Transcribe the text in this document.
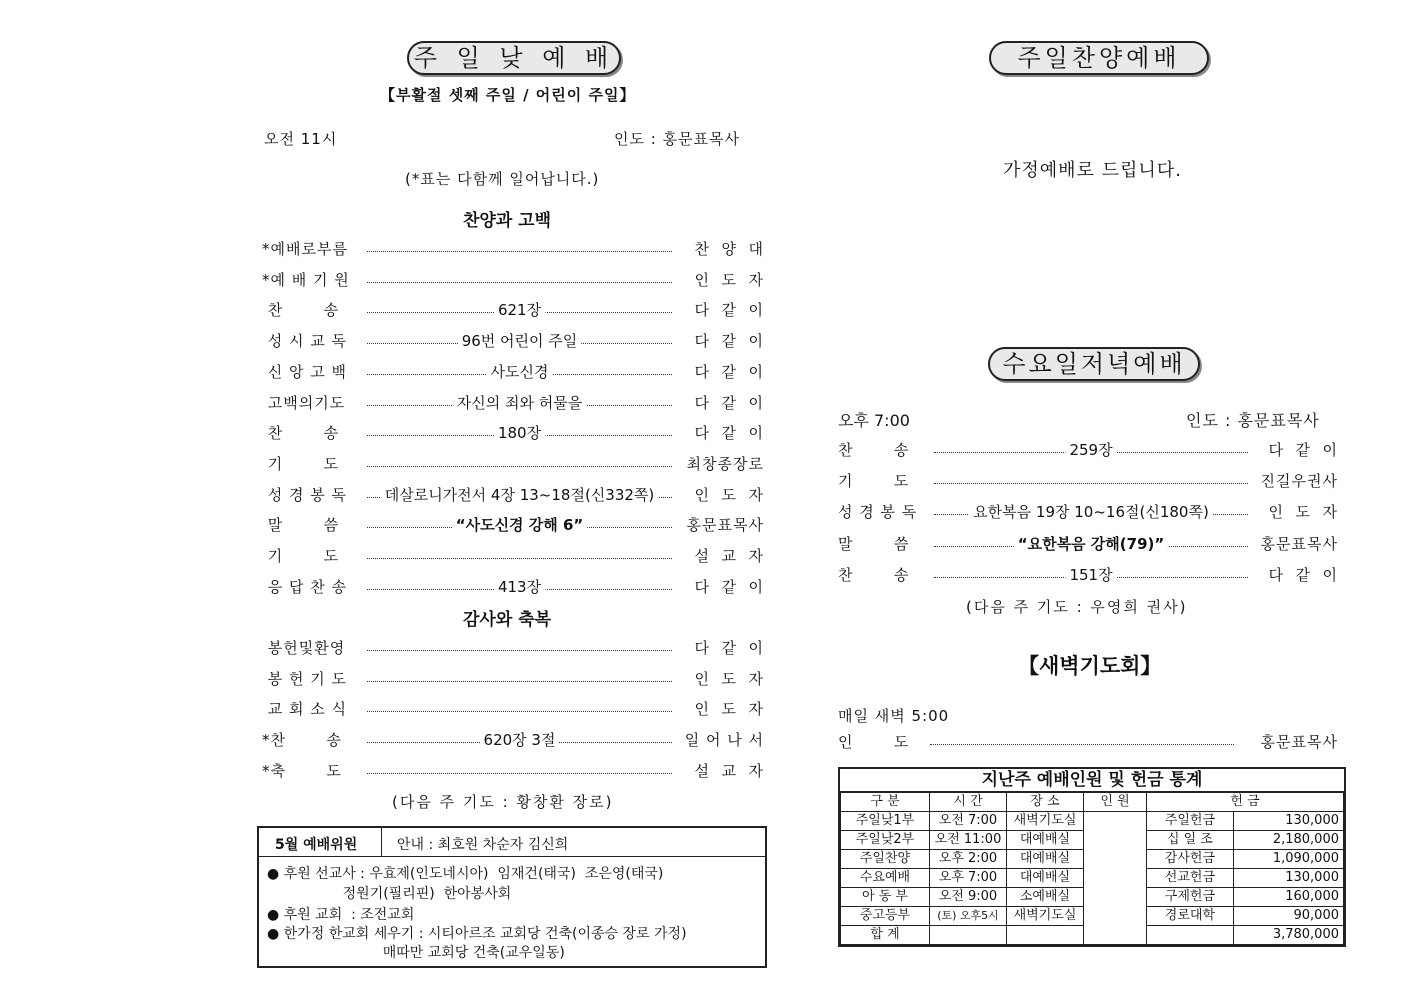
주 일 낮 예 배
【부활절 셋째 주일 / 어린이 주일】
오전 11시	인도 : 홍문표목사
(*표는 다함께 일어납니다.)
찬양과 고백
*예배로부름	찬  양  대
*예 배 기 원	인  도  자
찬       송	621장	다  같  이
성 시 교 독	96번 어린이 주일	다  같  이
신 앙 고 백	사도신경	다  같  이
고백의기도	자신의 죄와 허물을	다  같  이
찬       송	180장	다  같  이
기       도	최창종장로
성 경 봉 독	데살로니가전서 4장 13~18절(신332쪽)	인  도  자
말       씀	“사도신경 강해 6”	홍문표목사
기       도	설  교  자
응 답 찬 송	413장	다  같  이
감사와 축복
봉헌및환영	다  같  이
봉 헌 기 도	인  도  자
교 회 소 식	인  도  자
*찬       송	620장 3절	일 어 나 서
*축       도	설  교  자
(다음 주 기도 : 황창환 장로)
5월 예배위원	안내 : 최호원 차순자 김신희
● 후원 선교사 : 우효제(인도네시아)  임재건(태국)  조은영(태국)
정원기(필리핀)  한아봉사회
● 후원 교회  : 조전교회
● 한가정 한교회 세우기 : 시티아르조 교회당 건축(이종승 장로 가정)
매따만 교회당 건축(교우일동)
주일찬양예배
가정예배로 드립니다.
수요일저녁예배
오후 7:00	인도 : 홍문표목사
찬       송	259장	다  같  이
기       도	진길우권사
성 경 봉 독	요한복음 19장 10~16절(신180쪽)	인  도  자
말       씀	“요한복음 강해(79)”	홍문표목사
찬       송	151장	다  같  이
(다음 주 기도 : 우영희 권사)
【새벽기도회】
매일 새벽 5:00
인       도	홍문표목사
지난주 예배인원 및 헌금 통계
구 분	시 간	장 소	인 원	헌 금	
주일낮1부	오전 7:00	새벽기도실		주일헌금	130,000
주일낮2부	오전 11:00	대예배실		십 일 조	2,180,000
주일찬양	오후 2:00	대예배실		감사헌금	1,090,000
수요예배	오후 7:00	대예배실		선교헌금	130,000
아 동 부	오전 9:00	소예배실		구제헌금	160,000
중고등부	(토) 오후5시	새벽기도실		경로대학	90,000
합 계					3,780,000
